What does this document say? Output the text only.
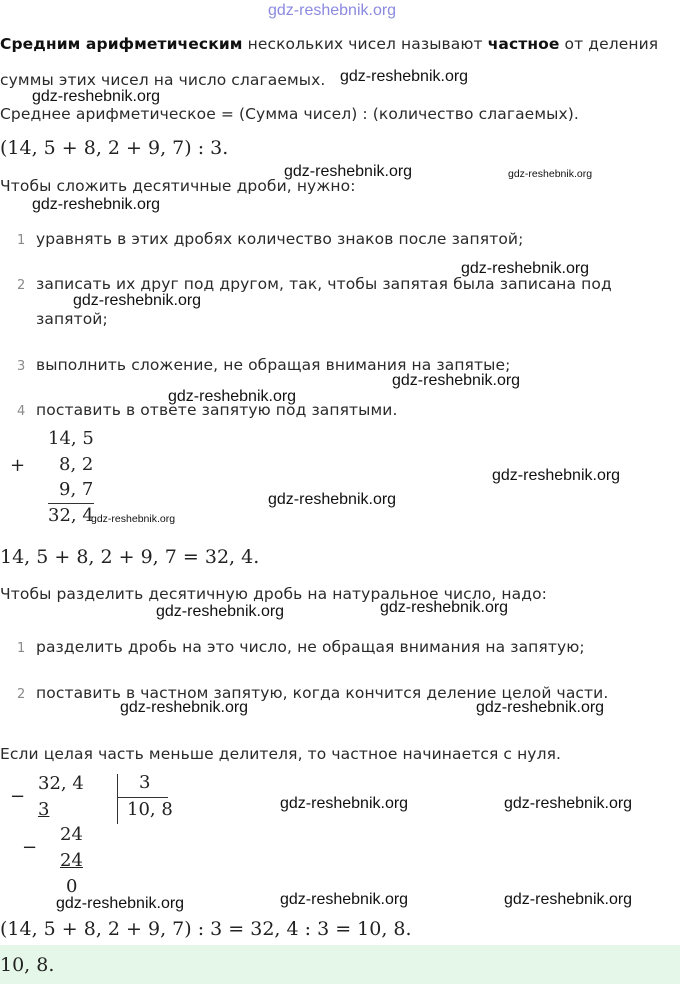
gdz-reshebnik.org
Средним арифметическим нескольких чисел называют частное от деления
суммы этих чисел на число слагаемых. gdz-reshebnik.org
gdz-reshebnik.org
Среднее арифметическое = (Сумма чисел) : (количество слагаемых).
(14, 5 + 8, 2 + 9, 7) : 3.
Чтобы сложить десятичные дроби, нужно:
gdz-reshebnik.org	gdz-reshebnik.org
gdz-reshebnik.org
1 уравнять в этих дробях количество знаков после запятой;
gdz-reshebnik.org
2 записать их друг под другом, так, чтобы запятая была записана под
gdz-reshebnik.org
запятой;
3 выполнить сложение, не обращая внимания на запятые;
gdz-reshebnik.org
gdz-reshebnik.org
4 поставить в ответе запятую под запятыми.
+
14, 5
8, 2
9, 7
32, 4
gdz-reshebnik.org
gdz-reshebnik.org
gdz-reshebnik.org
14, 5 + 8, 2 + 9, 7 = 32, 4.
Чтобы разделить десятичную дробь на натуральное число, надо:
gdz-reshebnik.org	gdz-reshebnik.org
1 разделить дробь на это число, не обращая внимания на запятую;
2 поставить в частном запятую, когда кончится деление целой части.
gdz-reshebnik.org	gdz-reshebnik.org
Если целая часть меньше делителя, то частное начинается с нуля.
−
32, 4
3
3
10, 8
−
24
24
0
gdz-reshebnik.org	gdz-reshebnik.org
gdz-reshebnik.org	gdz-reshebnik.org	gdz-reshebnik.org
(14, 5 + 8, 2 + 9, 7) : 3 = 32, 4 : 3 = 10, 8.
10, 8.
